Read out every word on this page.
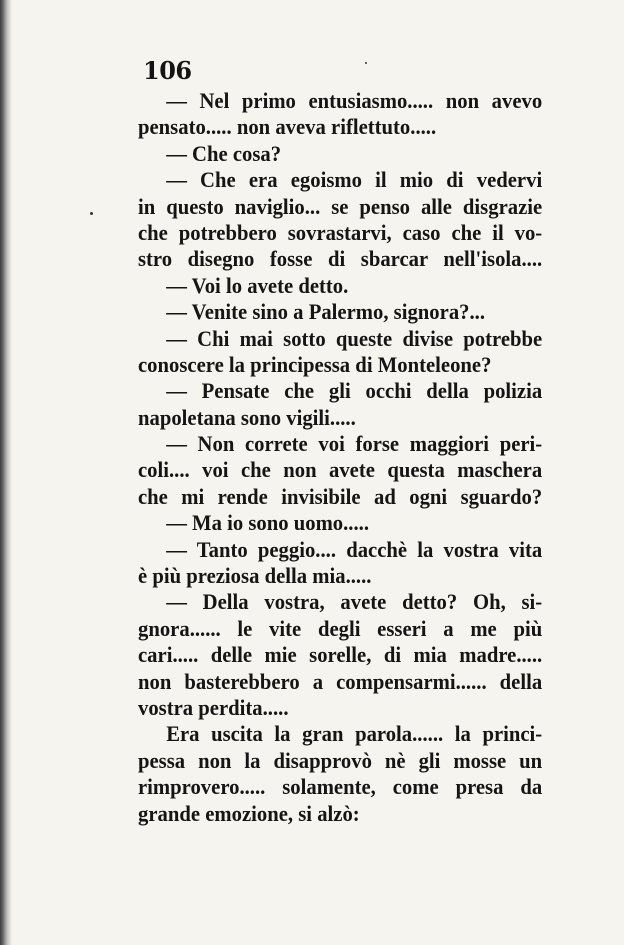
106
— Nel primo entusiasmo..... non avevo
pensato..... non aveva riflettuto.....
— Che cosa?
— Che era egoismo il mio di vedervi
in questo naviglio... se penso alle disgrazie
che potrebbero sovrastarvi, caso che il vo-
stro disegno fosse di sbarcar nell'isola....
— Voi lo avete detto.
— Venite sino a Palermo, signora?...
— Chi mai sotto queste divise potrebbe
conoscere la principessa di Monteleone?
— Pensate che gli occhi della polizia
napoletana sono vigili.....
— Non correte voi forse maggiori peri-
coli.... voi che non avete questa maschera
che mi rende invisibile ad ogni sguardo?
— Ma io sono uomo.....
— Tanto peggio.... dacchè la vostra vita
è più preziosa della mia.....
— Della vostra, avete detto? Oh, si-
gnora...... le vite degli esseri a me più
cari..... delle mie sorelle, di mia madre.....
non basterebbero a compensarmi...... della
vostra perdita.....
Era uscita la gran parola...... la princi-
pessa non la disapprovò nè gli mosse un
rimprovero..... solamente, come presa da
grande emozione, si alzò:
